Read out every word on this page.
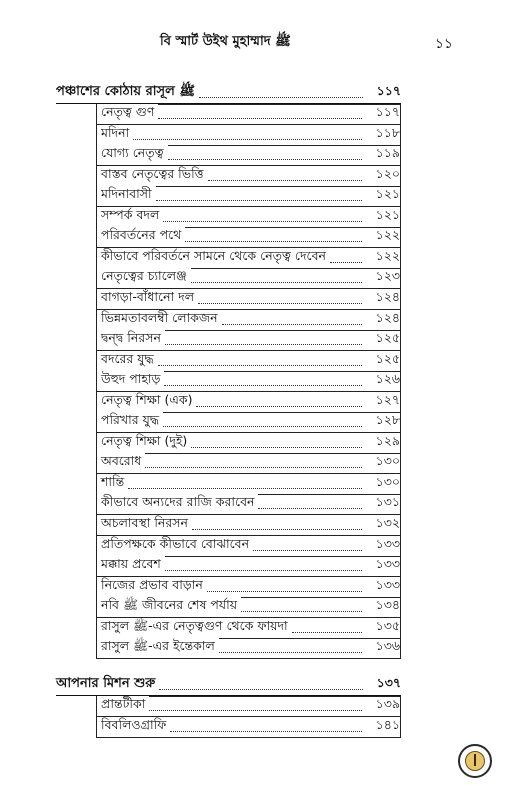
বি স্মার্ট উইথ মুহাম্মাদ ﷺ	১১
পঞ্চাশের কোঠায় রাসূল ﷺ	১১৭
নেতৃত্ব গুণ	১১৭
মদিনা	১১৮
যোগ্য নেতৃত্ব	১১৯
বাস্তব নেতৃত্বের ভিত্তি	১২০
মদিনাবাসী	১২১
সম্পর্ক বদল	১২১
পরিবর্তনের পথে	১২২
কীভাবে পরিবর্তনে সামনে থেকে নেতৃত্ব দেবেন	১২২
নেতৃত্বের চ্যালেঞ্জ	১২৩
বাগড়া-বাঁধানো দল	১২৪
ভিন্নমতাবলম্বী লোকজন	১২৪
দ্বন্দ্ব নিরসন	১২৫
বদরের যুদ্ধ	১২৫
উহুদ পাহাড়	১২৬
নেতৃত্ব শিক্ষা (এক)	১২৭
পরিখার যুদ্ধ	১২৮
নেতৃত্ব শিক্ষা (দুই)	১২৯
অবরোধ	১৩০
শান্তি	১৩০
কীভাবে অন্যদের রাজি করাবেন	১৩১
অচলাবস্থা নিরসন	১৩২
প্রতিপক্ষকে কীভাবে বোঝাবেন	১৩৩
মক্কায় প্রবেশ	১৩৩
নিজের প্রভাব বাড়ান	১৩৩
নবি ﷺ জীবনের শেষ পর্যায়	১৩৪
রাসুল ﷺ-এর নেতৃত্বগুণ থেকে ফায়দা	১৩৫
রাসুল ﷺ-এর ইন্তেকাল	১৩৬
আপনার মিশন শুরু	১৩৭
প্রান্তটীকা	১৩৯
বিবলিওগ্রাফি	১৪১
